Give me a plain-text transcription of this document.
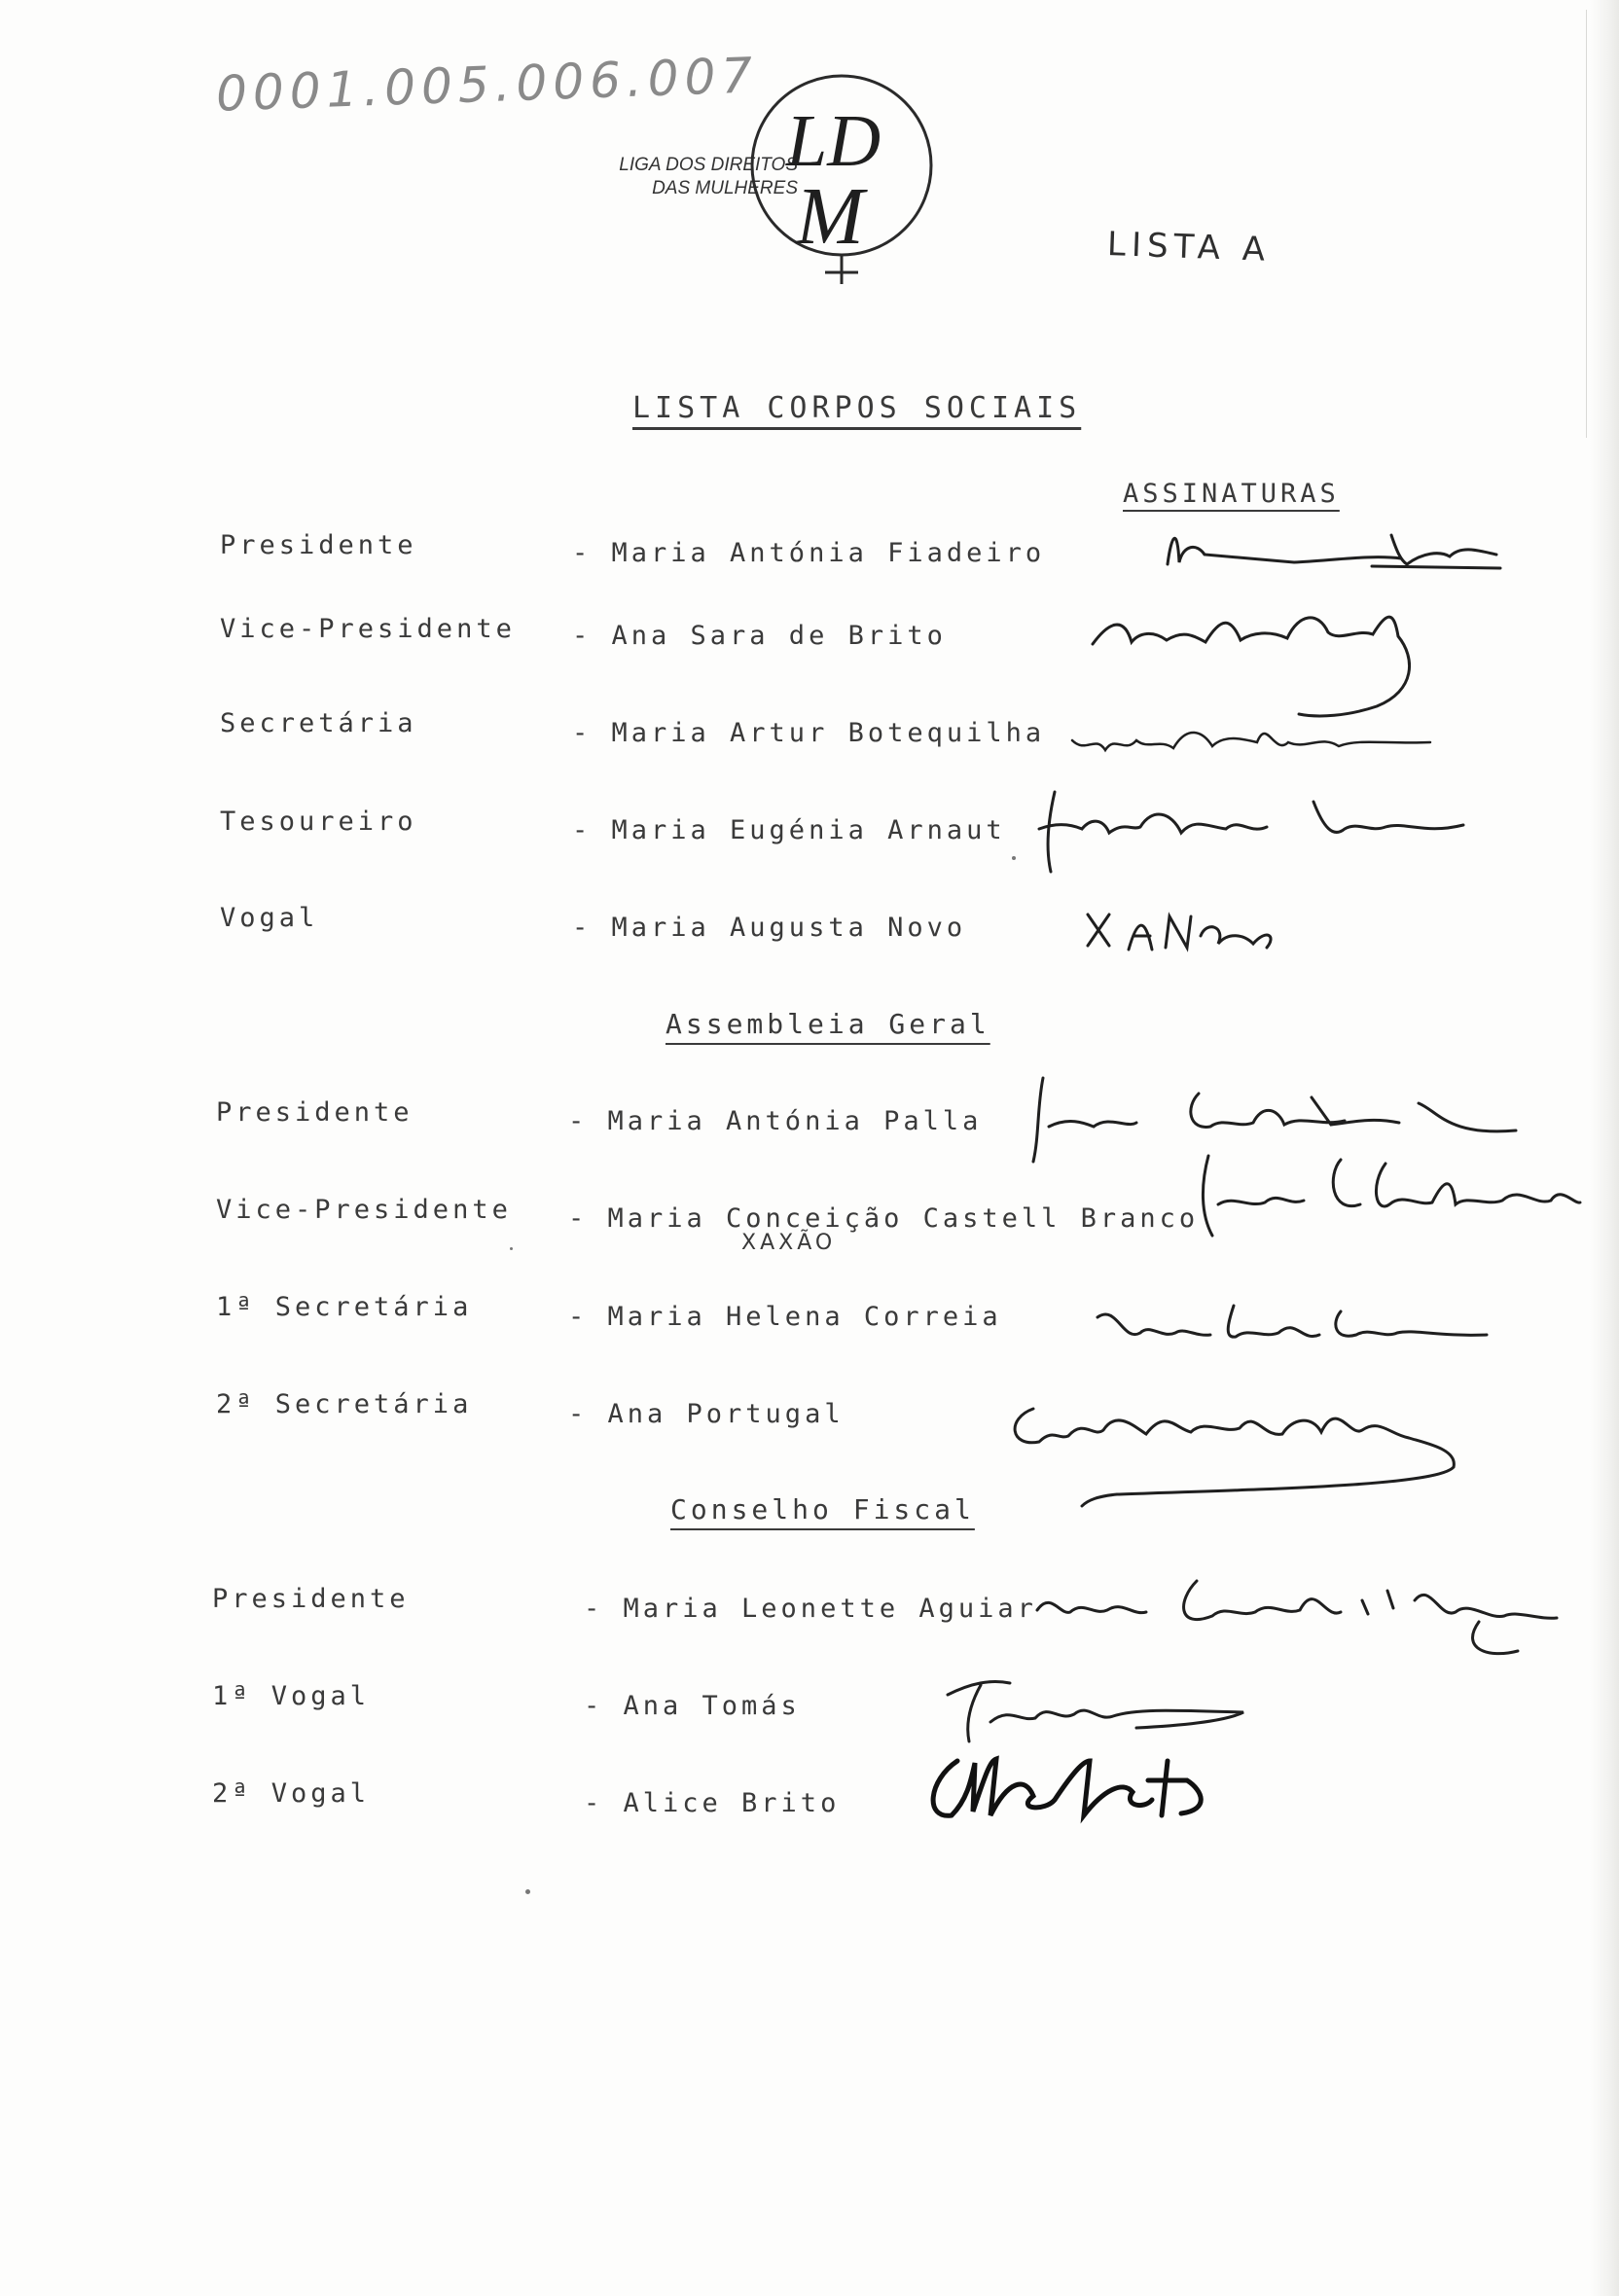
0001.005.006.007
LIGA DOS DIREITOS
DAS MULHERES
LD
M	LISTA A
LISTA CORPOS SOCIAIS
ASSINATURAS
Presidente	- Maria Antónia Fiadeiro
Vice-Presidente - Ana Sara de Brito
Secretária	- Maria Artur Botequilha
Tesoureiro	- Maria Eugénia Arnaut
Vogal	- Maria Augusta Novo
Assembleia Geral
Presidente	- Maria Antónia Palla
Vice-Presidente - Maria Conceição Castell Branco
XAXÃO
1ª Secretária	- Maria Helena Correia
2ª Secretária	- Ana Portugal
Conselho Fiscal
Presidente	- Maria Leonette Aguiar
1ª Vogal	- Ana Tomás
2ª Vogal	- Alice Brito
